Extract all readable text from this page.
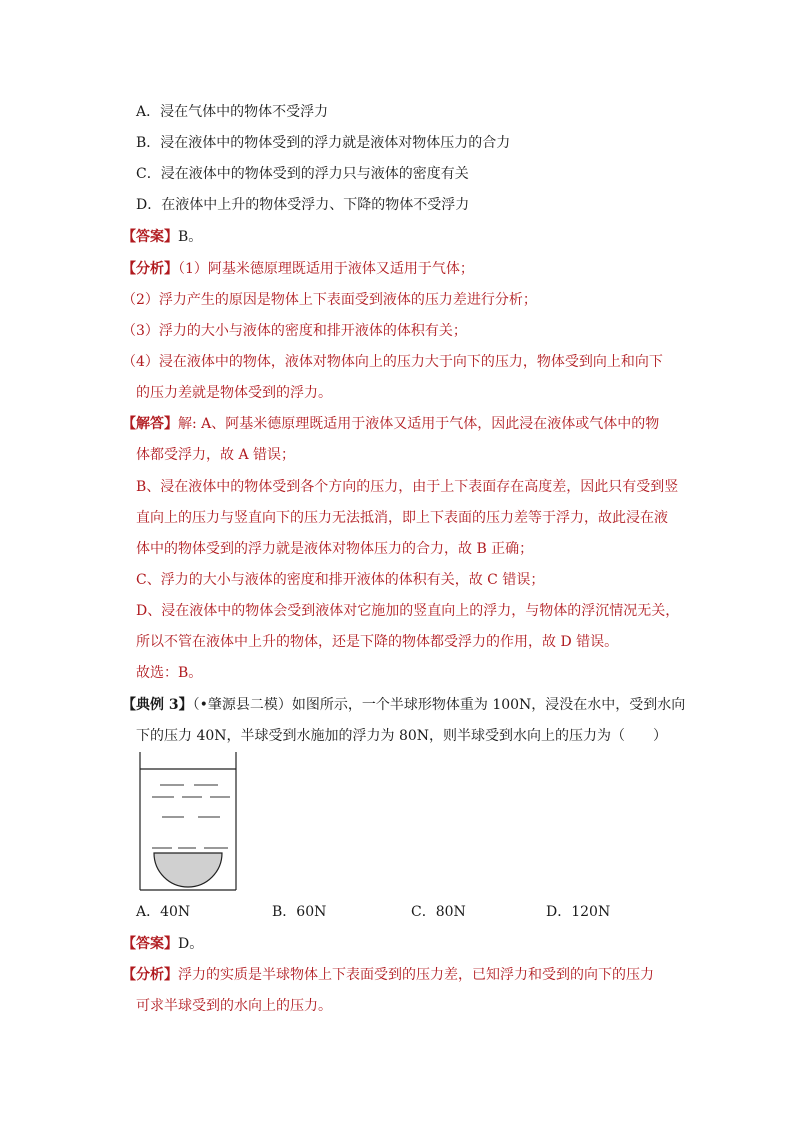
A．浸在气体中的物体不受浮力
B．浸在液体中的物体受到的浮力就是液体对物体压力的合力
C．浸在液体中的物体受到的浮力只与液体的密度有关
D．在液体中上升的物体受浮力、下降的物体不受浮力
【答案】B。
【分析】（1）阿基米德原理既适用于液体又适用于气体；
（2）浮力产生的原因是物体上下表面受到液体的压力差进行分析；
（3）浮力的大小与液体的密度和排开液体的体积有关；
（4）浸在液体中的物体，液体对物体向上的压力大于向下的压力，物体受到向上和向下
的压力差就是物体受到的浮力。
【解答】解: A、阿基米德原理既适用于液体又适用于气体，因此浸在液体或气体中的物
体都受浮力，故 A 错误；
B、浸在液体中的物体受到各个方向的压力，由于上下表面存在高度差，因此只有受到竖
直向上的压力与竖直向下的压力无法抵消，即上下表面的压力差等于浮力，故此浸在液
体中的物体受到的浮力就是液体对物体压力的合力，故 B 正确；
C、浮力的大小与液体的密度和排开液体的体积有关，故 C 错误；
D、浸在液体中的物体会受到液体对它施加的竖直向上的浮力，与物体的浮沉情况无关，
所以不管在液体中上升的物体，还是下降的物体都受浮力的作用，故 D 错误。
故选：B。
【典例 3】（•肇源县二模）如图所示，一个半球形物体重为 100N，浸没在水中，受到水向
下的压力 40N，半球受到水施加的浮力为 80N，则半球受到水向上的压力为（　　）
A．40N	B．60N	C．80N	D．120N
【答案】D。
【分析】浮力的实质是半球物体上下表面受到的压力差，已知浮力和受到的向下的压力
可求半球受到的水向上的压力。
